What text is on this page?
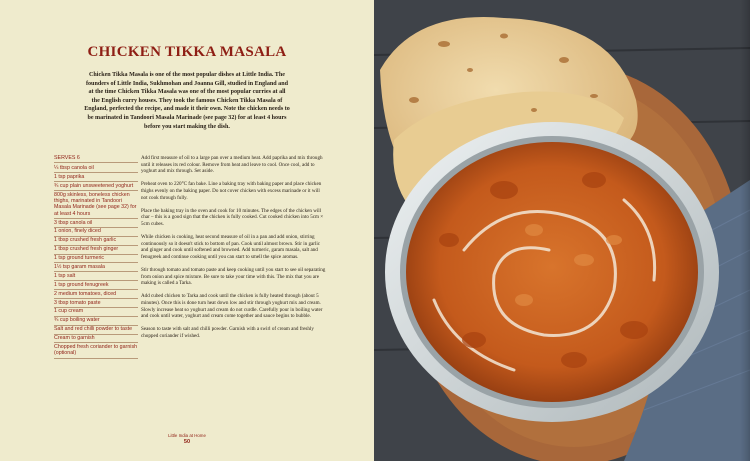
CHICKEN TIKKA MASALA

Chicken Tikka Masala is one of the most popular dishes at Little India. The founders of Little India, Sukhmohan and Joanna Gill, studied in England and at the time Chicken Tikka Masala was one of the most popular curries at all the English curry houses. They took the famous Chicken Tikka Masala of England, perfected the recipe, and made it their own. Note the chicken needs to be marinated in Tandoori Masala Marinade (see page 32) for at least 4 hours before you start making the dish.

SERVES 6
¼ tbsp canola oil
1 tsp paprika
¾ cup plain unsweetened yoghurt
800g skinless, boneless chicken thighs, marinated in Tandoori Masala Marinade (see page 32) for at least 4 hours
3 tbsp canola oil
1 onion, finely diced
1 tbsp crushed fresh garlic
1 tbsp crushed fresh ginger
1 tsp ground turmeric
1½ tsp garam masala
1 tsp salt
1 tsp ground fenugreek
2 medium tomatoes, diced
3 tbsp tomato paste
1 cup cream
¾ cup boiling water
Salt and red chilli powder to taste
Cream to garnish
Chopped fresh coriander to garnish (optional)

Add first measure of oil to a large pan over a medium heat. Add paprika and mix through until it releases its red colour. Remove from heat and leave to cool. Once cool, add to yoghurt and mix through. Set aside.

Preheat oven to 220°C fan bake. Line a baking tray with baking paper and place chicken thighs evenly on the baking paper. Do not cover chicken with excess marinade or it will not cook through fully.

Place the baking tray in the oven and cook for 10 minutes. The edges of the chicken will char – this is a good sign that the chicken is fully cooked. Cut cooked chicken into 5cm × 5cm cubes.

While chicken is cooking, heat second measure of oil in a pan and add onion, stirring continuously so it doesn't stick to bottom of pan. Cook until almost brown. Stir in garlic and ginger and cook until softened and browned. Add turmeric, garam masala, salt and fenugreek and continue cooking until you can start to smell the spice aromas.

Stir through tomato and tomato paste and keep cooking until you start to see oil separating from onion and spice mixture. Be sure to take your time with this. The mix that you are making is called a Tarka.

Add cubed chicken to Tarka and cook until the chicken is fully heated through (about 5 minutes). Once this is done turn heat down low and stir through yoghurt mix and cream. Slowly increase heat so yoghurt and cream do not curdle. Carefully pour in boiling water and cook until water, yoghurt and cream come together and sauce begins to bubble.

Season to taste with salt and chilli powder. Garnish with a swirl of cream and freshly chopped coriander if wished.

Little India at Home
50
